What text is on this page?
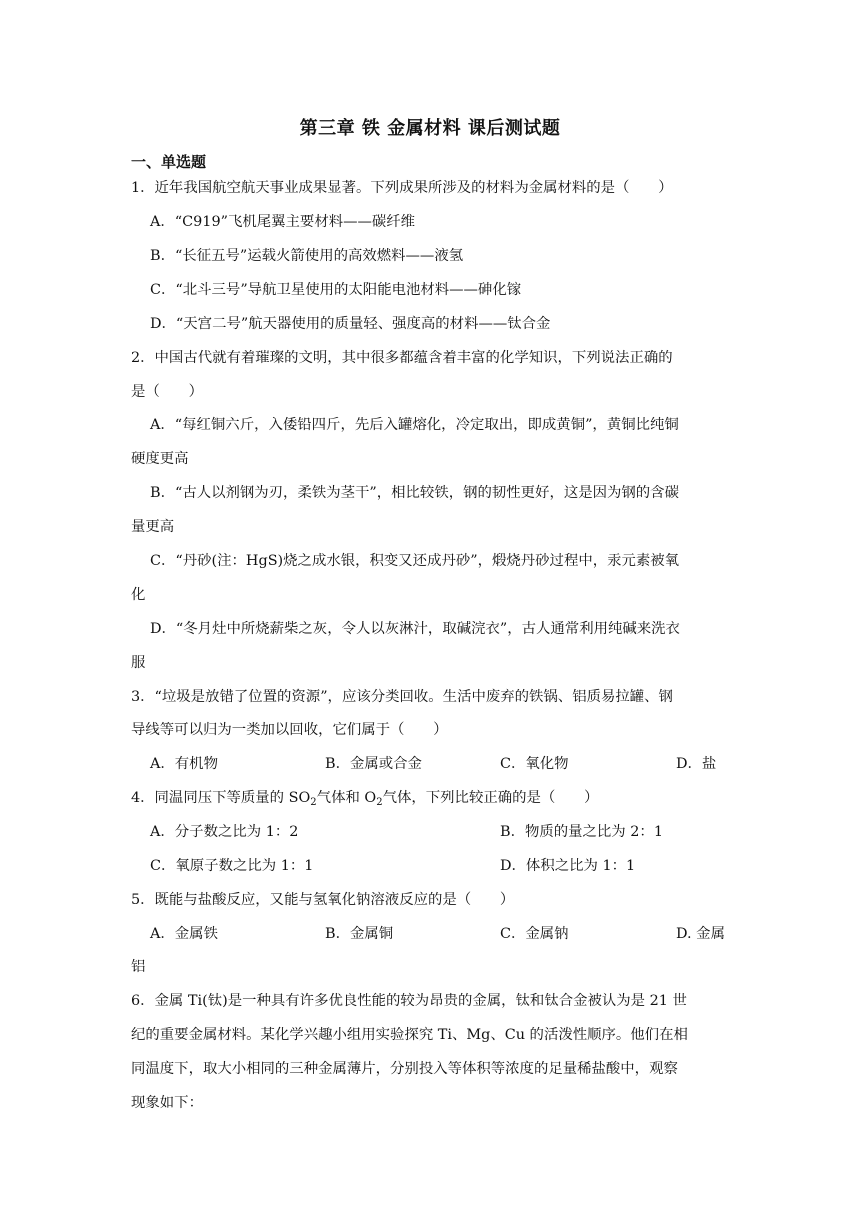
第三章 铁 金属材料 课后测试题
一、单选题
1．近年我国航空航天事业成果显著。下列成果所涉及的材料为金属材料的是（　　）
A．“C919”飞机尾翼主要材料——碳纤维
B．“长征五号”运载火箭使用的高效燃料——液氢
C．“北斗三号”导航卫星使用的太阳能电池材料——砷化镓
D．“天宫二号”航天器使用的质量轻、强度高的材料——钛合金
2．中国古代就有着璀璨的文明，其中很多都蕴含着丰富的化学知识，下列说法正确的
是（　　）
A．“每红铜六斤，入倭铅四斤，先后入罐熔化，冷定取出，即成黄铜”，黄铜比纯铜
硬度更高
B．“古人以剂钢为刃，柔铁为茎干”，相比较铁，钢的韧性更好，这是因为钢的含碳
量更高
C．“丹砂(注：HgS)烧之成水银，积变又还成丹砂”，煅烧丹砂过程中，汞元素被氧
化
D．“冬月灶中所烧薪柴之灰，令人以灰淋汁，取碱浣衣”，古人通常利用纯碱来洗衣
服
3．“垃圾是放错了位置的资源”，应该分类回收。生活中废弃的铁锅、铝质易拉罐、钢
导线等可以归为一类加以回收，它们属于（　　）
A．有机物	B．金属或合金	C．氧化物	D．盐
4．同温同压下等质量的 $SO_2$气体和 $O_2$气体，下列比较正确的是（　　）
A．分子数之比为 1：2	B．物质的量之比为 2：1
C．氧原子数之比为 1：1	D．体积之比为 1：1
5．既能与盐酸反应，又能与氢氧化钠溶液反应的是（　　）
A．金属铁	B．金属铜	C．金属钠	D. 金属
铝
6．金属 Ti(钛)是一种具有许多优良性能的较为昂贵的金属，钛和钛合金被认为是 21 世
纪的重要金属材料。某化学兴趣小组用实验探究 Ti、Mg、Cu 的活泼性顺序。他们在相
同温度下，取大小相同的三种金属薄片，分别投入等体积等浓度的足量稀盐酸中，观察
现象如下：
